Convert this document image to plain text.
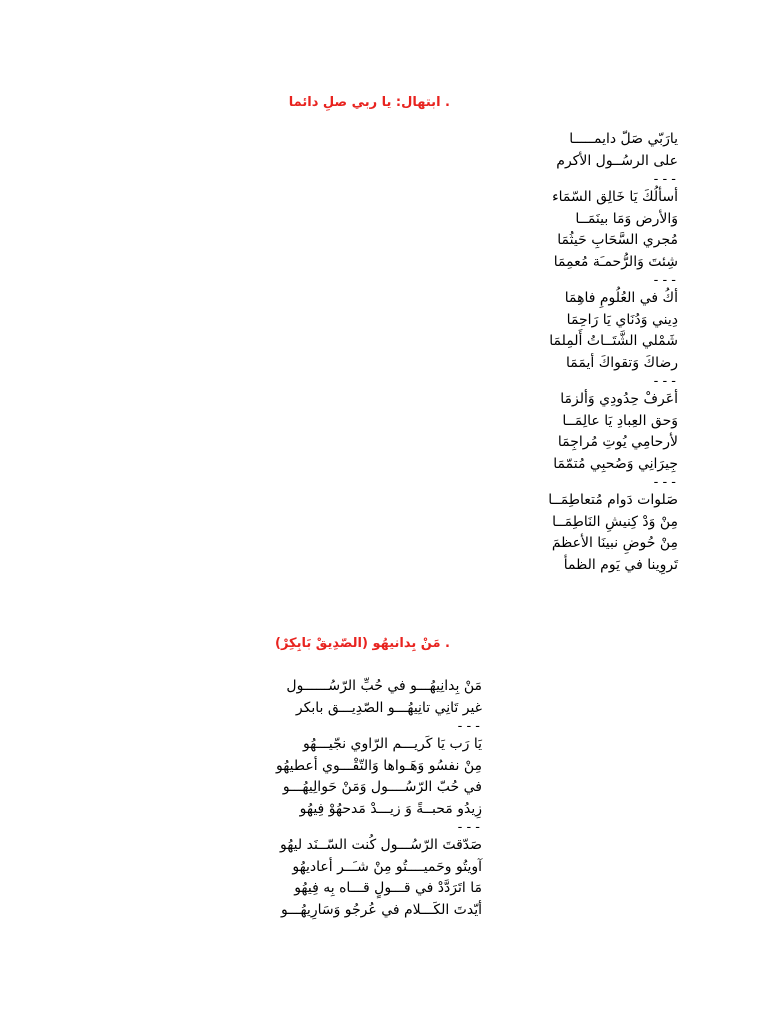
. ابتهال: يا ربي صلِ دائما
يارَبّي صَلّ دايمـــــا
على الرسُــول الأكرم
- - -
أسألُكَ يَا خَالِق السّمَاء
وَالأرض وَمَا بينَمَــا
مُجري السَّحَابِ حَيثُمَا
شِئتَ وَالرُّحمـَة مُعمِمَا
- - -
أكُ في العُلُومِ فاهِمَا
دِيني وَدُنَاي يَا رَاحِمَا
شَمْلي الشَّتَــاتُ أَلمِلمَا
رضاكَ وَتقواكَ أيمَمَا
- - -
أعَرفْ حِدُودِي وَألزمَا
وَحق العِبادِ يَا عالِمَــا
لأرحامِي يُوتِ مُراجِمَا
جِيرَانِي وَصُحبِي مُتمّمَا
- - -
صَلوات دَوام مُتعاطِمَــا
مِنْ وَدْ كِنيشِ النَاطِمَــا
مِنْ حُوضِ نبينَا الأعظمَ
تَروِينا في يَوم الظمأ
. مَنْ بِدانيهُو (الصّدِيقْ بَابِكِرْ)
مَنْ بِدانِيهُـــو في حُبِّ الرّسُــــــول
غير تَانِي تانِيهُـــو الصّدِيـــق بابكر
- - -
يَا رَب يَا كَريـــم الرّاوي نجّيـــهُو
مِنْ نفسُو وَهَـواها وَالتّقْـــوي أعطيهُو
في حُبّ الرّسُــــول وَمَنْ حَوالِيهُـــو
زِيدُو مَحبــةً وَ زيـــدْ مَدحهُوْ فِيهُو
- - -
صَدّقتَ الرّسُـــول كُنت السّــنَد ليهُو
آويتُو وحَميــــتُو مِنْ شـَــر أعاديهُو
مَا اتَرَدَّدْ في قـــولٍ قـــاه بِه فِيهُو
أيّدتَ الكَـــلام في عُرجُو وَسَارِيهُـــو
